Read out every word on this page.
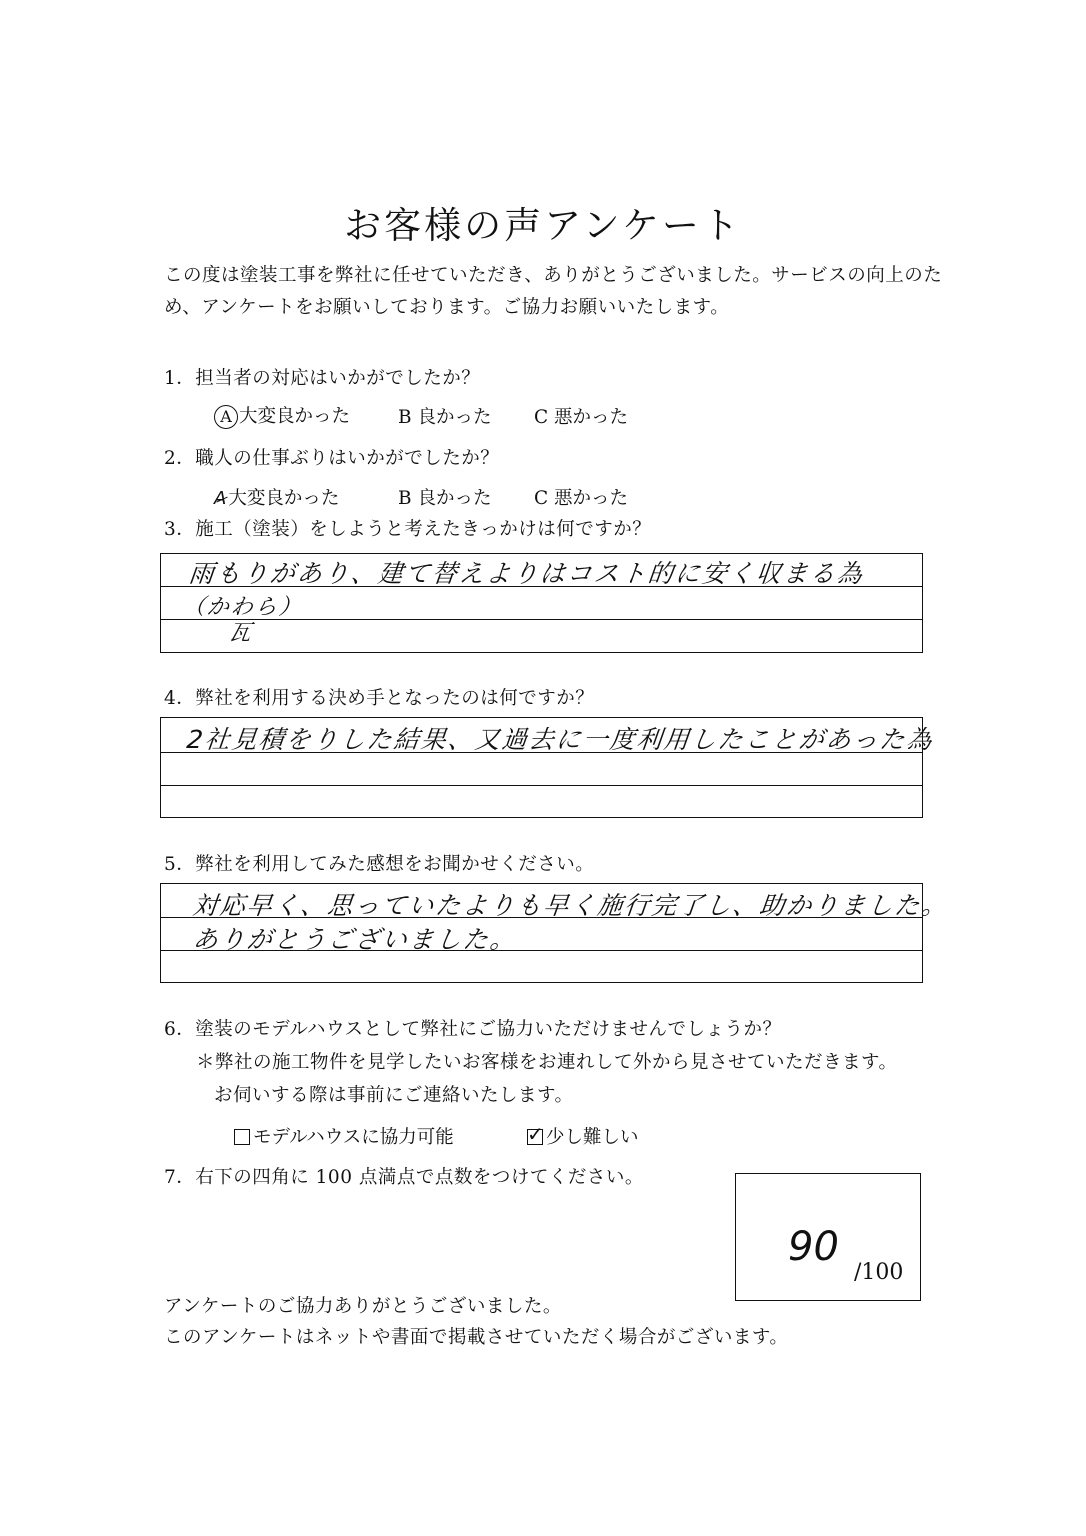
お客様の声アンケート
この度は塗装工事を弊社に任せていただき、ありがとうございました。サービスの向上のため、アンケートをお願いしております。ご協力お願いいたします。
1．担当者の対応はいかがでしたか？
A 大変良かった	B 良かった C 悪かった
2．職人の仕事ぶりはいかがでしたか？
A 大変良かった	B 良かった C 悪かった
3．施工（塗装）をしようと考えたきっかけは何ですか？
雨もりがあり、建て替えよりはコスト的に安く収まる為
（かわら）
瓦
4．弊社を利用する決め手となったのは何ですか？
2社見積をりした結果、又過去に一度利用したことがあった為
5．弊社を利用してみた感想をお聞かせください。
対応早く、思っていたよりも早く施行完了し、助かりました。
ありがとうございました。
6．塗装のモデルハウスとして弊社にご協力いただけませんでしょうか？
＊弊社の施工物件を見学したいお客様をお連れして外から見させていただきます。
お伺いする際は事前にご連絡いたします。
モデルハウスに協力可能 ✓	少し難しい
7．右下の四角に 100 点満点で点数をつけてください。
90
/100
アンケートのご協力ありがとうございました。
このアンケートはネットや書面で掲載させていただく場合がございます。
